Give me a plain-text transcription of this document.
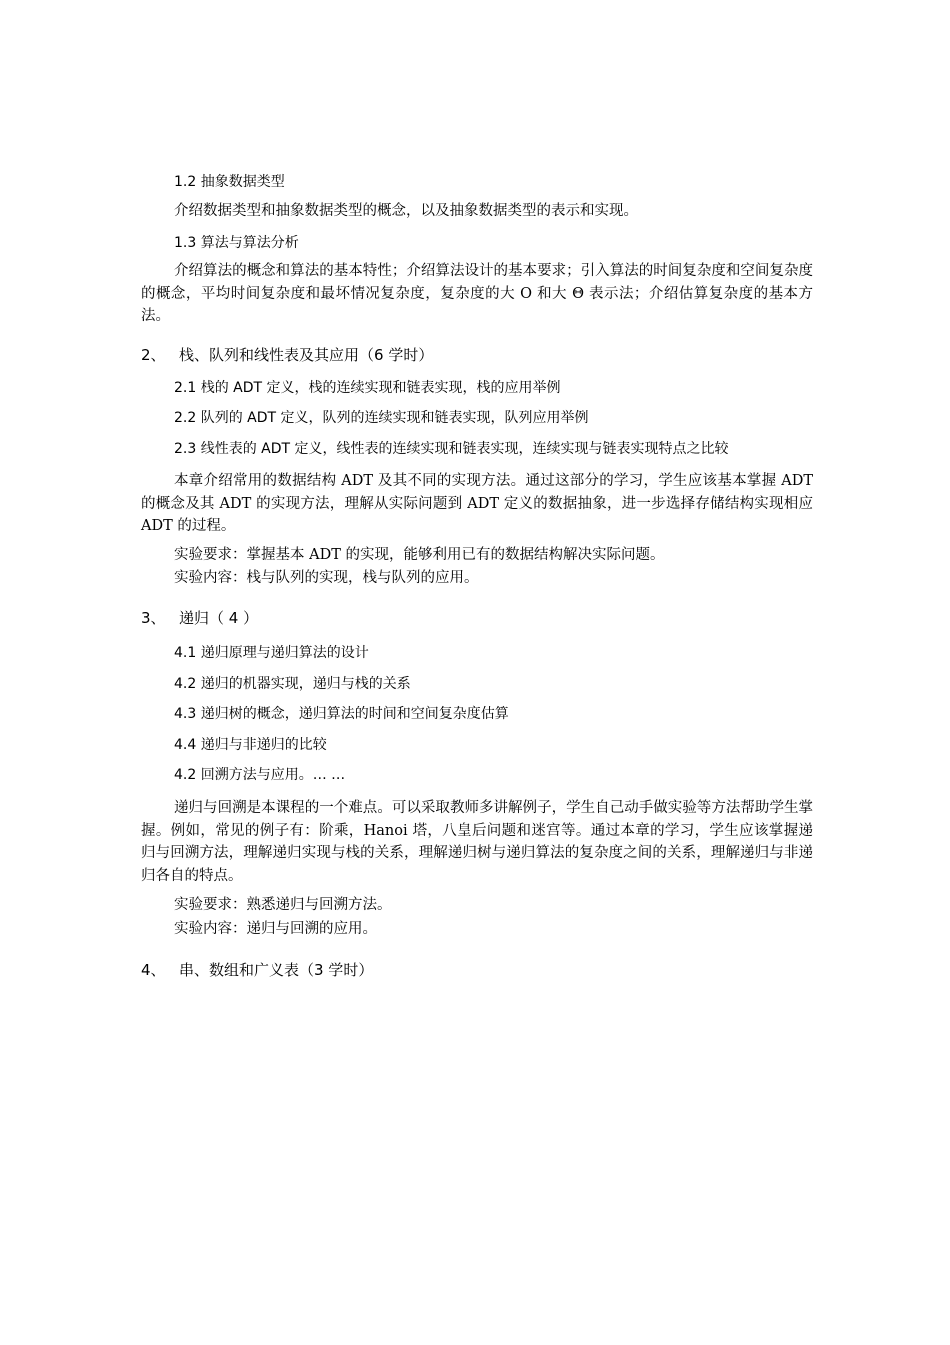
1.2 抽象数据类型
介绍数据类型和抽象数据类型的概念，以及抽象数据类型的表示和实现。
1.3 算法与算法分析
介绍算法的概念和算法的基本特性；介绍算法设计的基本要求；引入算法的时间复杂度和空间复杂度的概念，平均时间复杂度和最坏情况复杂度，复杂度的大 O 和大 Θ 表示法；介绍估算复杂度的基本方法。
2、 栈、队列和线性表及其应用（6 学时）
2.1 栈的 ADT 定义，栈的连续实现和链表实现，栈的应用举例
2.2 队列的 ADT 定义，队列的连续实现和链表实现，队列应用举例
2.3 线性表的 ADT 定义，线性表的连续实现和链表实现，连续实现与链表实现特点之比较
本章介绍常用的数据结构 ADT 及其不同的实现方法。通过这部分的学习，学生应该基本掌握 ADT 的概念及其 ADT 的实现方法，理解从实际问题到 ADT 定义的数据抽象，进一步选择存储结构实现相应 ADT 的过程。
实验要求：掌握基本 ADT 的实现，能够利用已有的数据结构解决实际问题。
实验内容：栈与队列的实现，栈与队列的应用。
3、 递归（ 4 ）
4.1 递归原理与递归算法的设计
4.2 递归的机器实现，递归与栈的关系
4.3 递归树的概念，递归算法的时间和空间复杂度估算
4.4 递归与非递归的比较
4.2 回溯方法与应用。… …
递归与回溯是本课程的一个难点。可以采取教师多讲解例子，学生自己动手做实验等方法帮助学生掌握。例如，常见的例子有：阶乘，Hanoi 塔，八皇后问题和迷宫等。通过本章的学习，学生应该掌握递归与回溯方法，理解递归实现与栈的关系，理解递归树与递归算法的复杂度之间的关系，理解递归与非递归各自的特点。
实验要求：熟悉递归与回溯方法。
实验内容：递归与回溯的应用。
4、 串、数组和广义表（3 学时）
